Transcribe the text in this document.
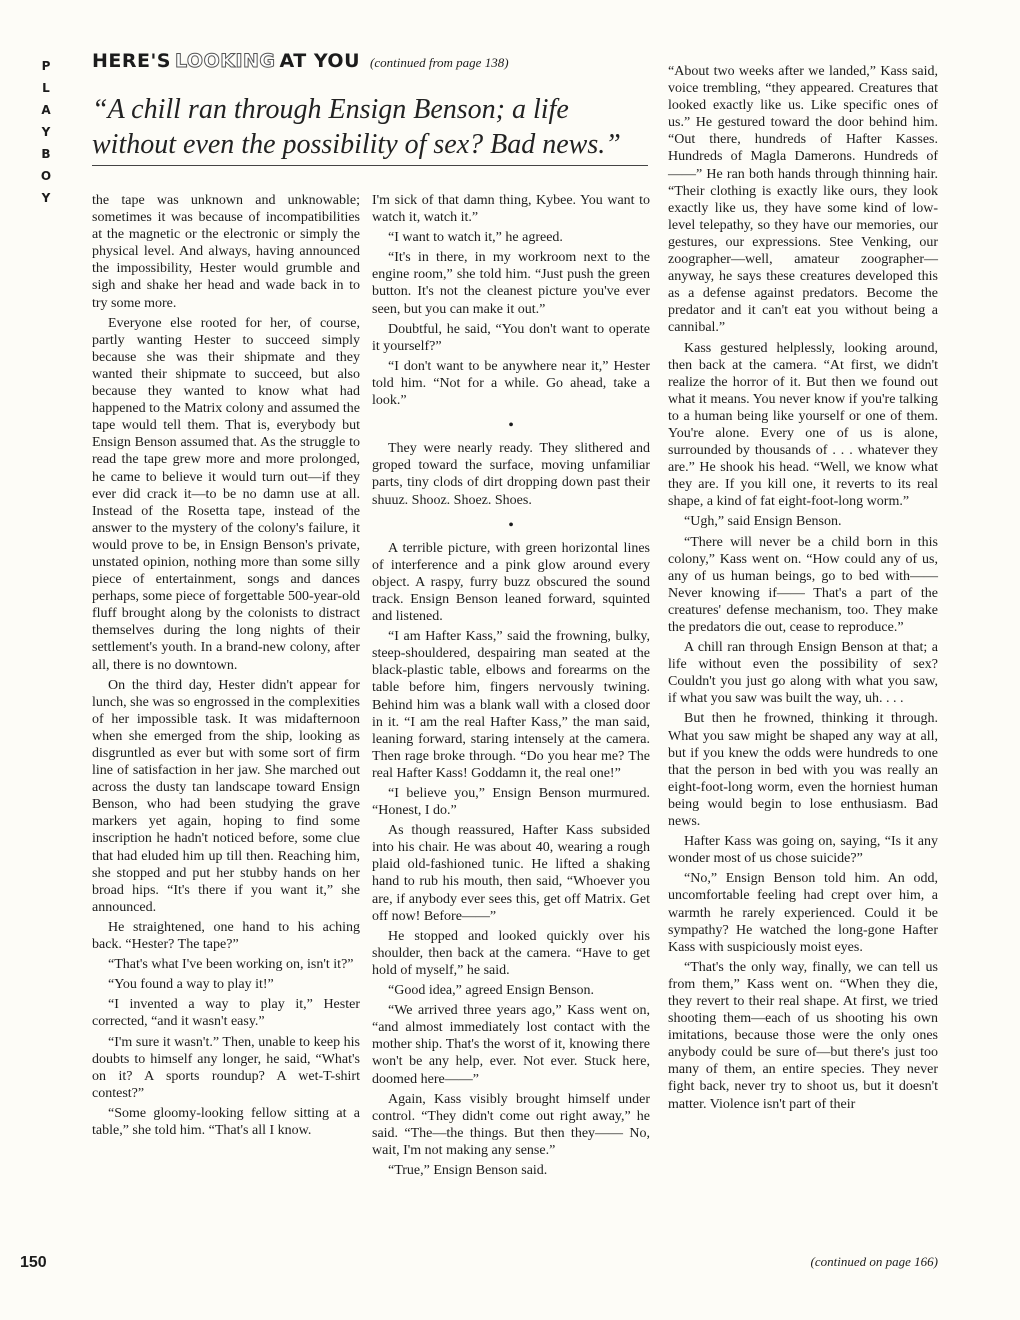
P
L
A
Y
B
O
Y
HERE'S LOOKING AT YOU (continued from page 138)
“A chill ran through Ensign Benson; a life without even the possibility of sex? Bad news.”

the tape was unknown and unknowable; sometimes it was because of incompatibilities at the magnetic or the electronic or simply the physical level. And always, having announced the impossibility, Hester would grumble and sigh and shake her head and wade back in to try some more.

Everyone else rooted for her, of course, partly wanting Hester to succeed simply because she was their shipmate and they wanted their shipmate to succeed, but also because they wanted to know what had happened to the Matrix colony and assumed the tape would tell them. That is, everybody but Ensign Benson assumed that. As the struggle to read the tape grew more and more prolonged, he came to believe it would turn out—if they ever did crack it—to be no damn use at all. Instead of the Rosetta tape, instead of the answer to the mystery of the colony's failure, it would prove to be, in Ensign Benson's private, unstated opinion, nothing more than some silly piece of entertainment, songs and dances perhaps, some piece of forgettable 500-year-old fluff brought along by the colonists to distract themselves during the long nights of their settlement's youth. In a brand-new colony, after all, there is no downtown.

On the third day, Hester didn't appear for lunch, she was so engrossed in the complexities of her impossible task. It was midafternoon when she emerged from the ship, looking as disgruntled as ever but with some sort of firm line of satisfaction in her jaw. She marched out across the dusty tan landscape toward Ensign Benson, who had been studying the grave markers yet again, hoping to find some inscription he hadn't noticed before, some clue that had eluded him up till then. Reaching him, she stopped and put her stubby hands on her broad hips. “It's there if you want it,” she announced.

He straightened, one hand to his aching back. “Hester? The tape?”

“That's what I've been working on, isn't it?”

“You found a way to play it!”

“I invented a way to play it,” Hester corrected, “and it wasn't easy.”

“I'm sure it wasn't.” Then, unable to keep his doubts to himself any longer, he said, “What's on it? A sports roundup? A wet-T-shirt contest?”

“Some gloomy-looking fellow sitting at a table,” she told him. “That's all I know.

I'm sick of that damn thing, Kybee. You want to watch it, watch it.”

“I want to watch it,” he agreed.

“It's in there, in my workroom next to the engine room,” she told him. “Just push the green button. It's not the cleanest picture you've ever seen, but you can make it out.”

Doubtful, he said, “You don't want to operate it yourself?”

“I don't want to be anywhere near it,” Hester told him. “Not for a while. Go ahead, take a look.”

•

They were nearly ready. They slithered and groped toward the surface, moving unfamiliar parts, tiny clods of dirt dropping down past their shuuz. Shooz. Shoez. Shoes.

•

A terrible picture, with green horizontal lines of interference and a pink glow around every object. A raspy, furry buzz obscured the sound track. Ensign Benson leaned forward, squinted and listened.

“I am Hafter Kass,” said the frowning, bulky, steep-shouldered, despairing man seated at the black-plastic table, elbows and forearms on the table before him, fingers nervously twining. Behind him was a blank wall with a closed door in it. “I am the real Hafter Kass,” the man said, leaning forward, staring intensely at the camera. Then rage broke through. “Do you hear me? The real Hafter Kass! Goddamn it, the real one!”

“I believe you,” Ensign Benson murmured. “Honest, I do.”

As though reassured, Hafter Kass subsided into his chair. He was about 40, wearing a rough plaid old-fashioned tunic. He lifted a shaking hand to rub his mouth, then said, “Whoever you are, if anybody ever sees this, get off Matrix. Get off now! Before——”

He stopped and looked quickly over his shoulder, then back at the camera. “Have to get hold of myself,” he said.

“Good idea,” agreed Ensign Benson.

“We arrived three years ago,” Kass went on, “and almost immediately lost contact with the mother ship. That's the worst of it, knowing there won't be any help, ever. Not ever. Stuck here, doomed here——”

Again, Kass visibly brought himself under control. “They didn't come out right away,” he said. “The—the things. But then they—— No, wait, I'm not making any sense.”

“True,” Ensign Benson said.

“About two weeks after we landed,” Kass said, voice trembling, “they appeared. Creatures that looked exactly like us. Like specific ones of us.” He gestured toward the door behind him. “Out there, hundreds of Hafter Kasses. Hundreds of Magla Damerons. Hundreds of——” He ran both hands through thinning hair. “Their clothing is exactly like ours, they look exactly like us, they have some kind of low-level telepathy, so they have our memories, our gestures, our expressions. Stee Venking, our zoographer—well, amateur zoographer—anyway, he says these creatures developed this as a defense against predators. Become the predator and it can't eat you without being a cannibal.”

Kass gestured helplessly, looking around, then back at the camera. “At first, we didn't realize the horror of it. But then we found out what it means. You never know if you're talking to a human being like yourself or one of them. You're alone. Every one of us is alone, surrounded by thousands of . . . whatever they are.” He shook his head. “Well, we know what they are. If you kill one, it reverts to its real shape, a kind of fat eight-foot-long worm.”

“Ugh,” said Ensign Benson.

“There will never be a child born in this colony,” Kass went on. “How could any of us, any of us human beings, go to bed with—— Never knowing if—— That's a part of the creatures' defense mechanism, too. They make the predators die out, cease to reproduce.”

A chill ran through Ensign Benson at that; a life without even the possibility of sex? Couldn't you just go along with what you saw, if what you saw was built the way, uh. . . .

But then he frowned, thinking it through. What you saw might be shaped any way at all, but if you knew the odds were hundreds to one that the person in bed with you was really an eight-foot-long worm, even the horniest human being would begin to lose enthusiasm. Bad news.

Hafter Kass was going on, saying, “Is it any wonder most of us chose suicide?”

“No,” Ensign Benson told him. An odd, uncomfortable feeling had crept over him, a warmth he rarely experienced. Could it be sympathy? He watched the long-gone Hafter Kass with suspiciously moist eyes.

“That's the only way, finally, we can tell us from them,” Kass went on. “When they die, they revert to their real shape. At first, we tried shooting them—each of us shooting his own imitations, because those were the only ones anybody could be sure of—but there's just too many of them, an entire species. They never fight back, never try to shoot us, but it doesn't matter. Violence isn't part of their

(continued on page 166)
150
